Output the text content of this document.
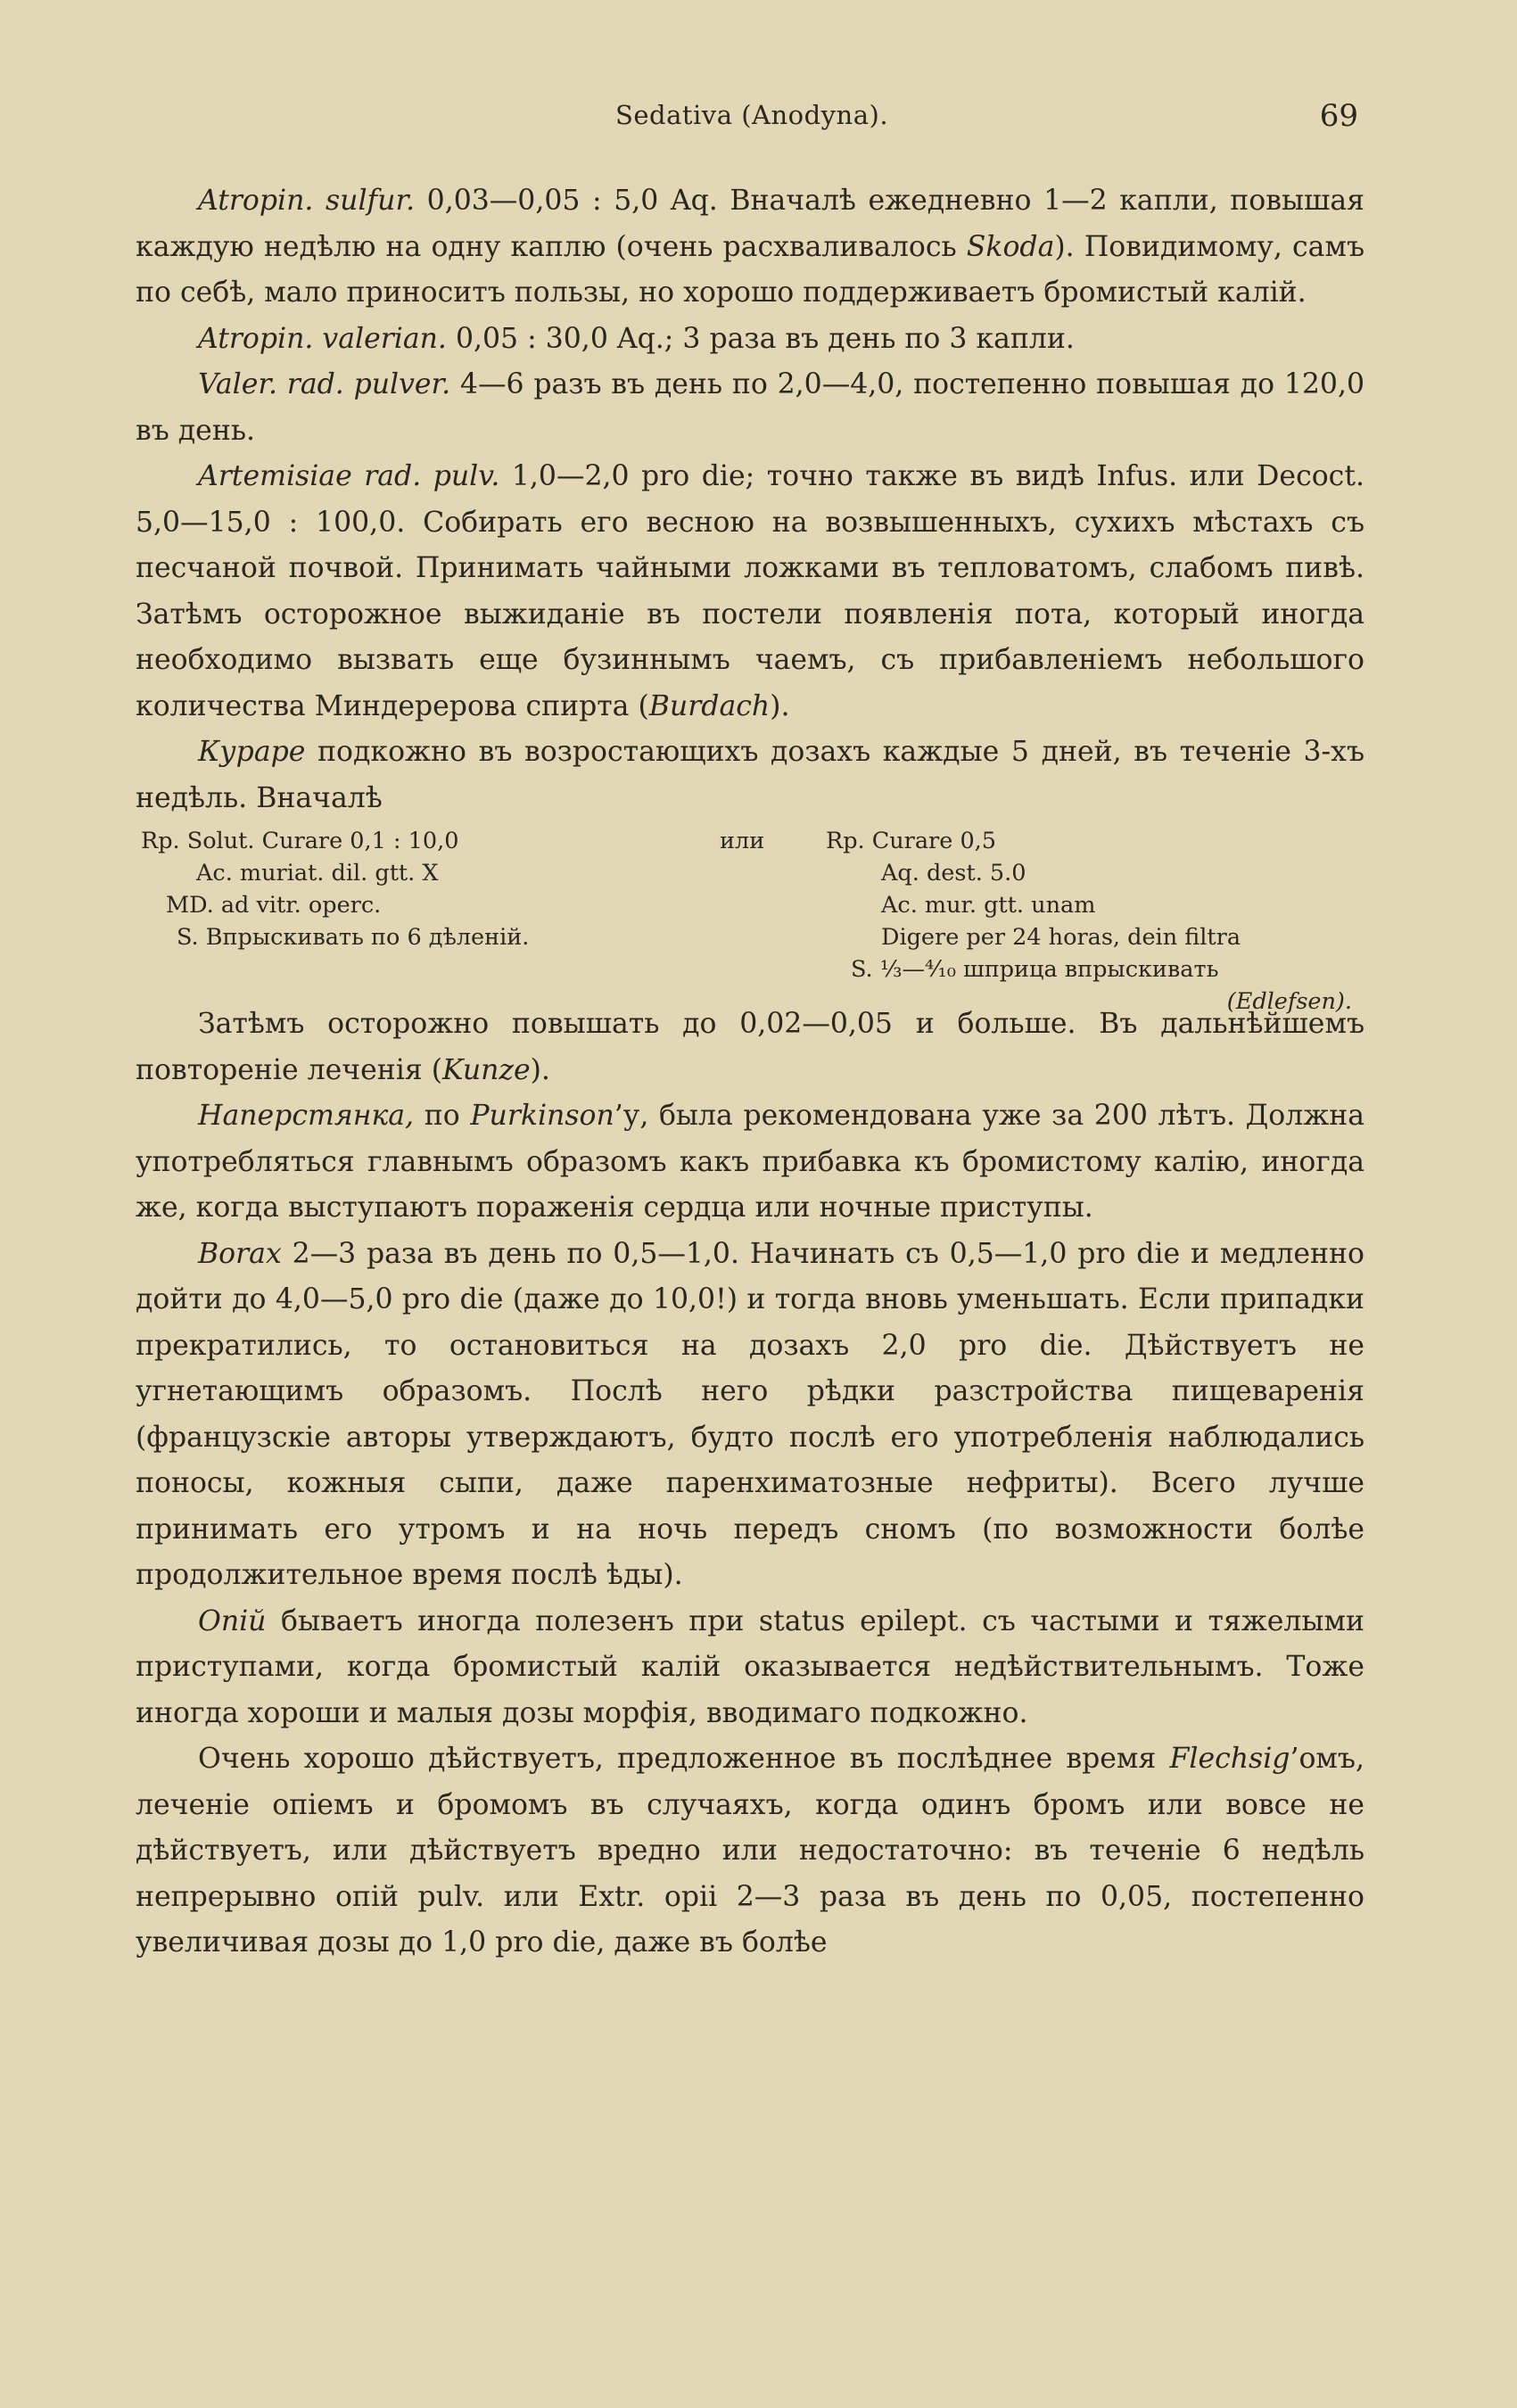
Sedativa (Anodyna).	69

Atropin. sulfur. 0,03—0,05 : 5,0 Aq. Вначалѣ ежедневно 1—2 капли, повышая каждую недѣлю на одну каплю (очень расхваливалось Skoda). Повидимому, самъ по себѣ, мало приноситъ пользы, но хорошо поддерживаетъ бромистый калій.

Atropin. valerian. 0,05 : 30,0 Aq.; 3 раза въ день по 3 капли.

Valer. rad. pulver. 4—6 разъ въ день по 2,0—4,0, постепенно повышая до 120,0 въ день.

Artemisiae rad. pulv. 1,0—2,0 pro die; точно также въ видѣ Infus. или Decoct. 5,0—15,0 : 100,0. Собирать его весною на возвышенныхъ, сухихъ мѣстахъ съ песчаной почвой. Принимать чайными ложками въ тепловатомъ, слабомъ пивѣ. Затѣмъ осторожное выжиданіе въ постели появленія пота, который иногда необходимо вызвать еще бузиннымъ чаемъ, съ прибавленіемъ небольшого количества Миндерерова спирта (Burdach).

Кураре подкожно въ возростающихъ дозахъ каждые 5 дней, въ теченіе 3-хъ недѣль. Вначалѣ

Rp. Solut. Curare 0,1 : 10,0
Ac. muriat. dil. gtt. X
MD. ad vitr. operc.
S. Впрыскивать по 6 дѣленій.
или	Rp. Curare 0,5
Aq. dest. 5.0
Ac. mur. gtt. unam
Digere per 24 horas, dein filtra
S. ⅓—⁴⁄₁₀ шприца впрыскивать
(Edlefsen).

Затѣмъ осторожно повышать до 0,02—0,05 и больше. Въ дальнѣйшемъ повтореніе леченія (Kunze).

Наперстянка, по Purkinson’у, была рекомендована уже за 200 лѣтъ. Должна употребляться главнымъ образомъ какъ прибавка къ бромистому калію, иногда же, когда выступаютъ пораженія сердца или ночные приступы.

Borax 2—3 раза въ день по 0,5—1,0. Начинать съ 0,5—1,0 pro die и медленно дойти до 4,0—5,0 pro die (даже до 10,0!) и тогда вновь уменьшать. Если припадки прекратились, то остановиться на дозахъ 2,0 pro die. Дѣйствуетъ не угнетающимъ образомъ. Послѣ него рѣдки разстройства пищеваренія (французскіе авторы утверждаютъ, будто послѣ его употребленія наблюдались поносы, кожныя сыпи, даже паренхиматозные нефриты). Всего лучше принимать его утромъ и на ночь передъ сномъ (по возможности болѣе продолжительное время послѣ ѣды).

Опій бываетъ иногда полезенъ при status epilept. съ частыми и тяжелыми приступами, когда бромистый калій оказывается недѣйствительнымъ. Тоже иногда хороши и малыя дозы морфія, вводимаго подкожно.

Очень хорошо дѣйствуетъ, предложенное въ послѣднее время Flechsig’омъ, леченіе опіемъ и бромомъ въ случаяхъ, когда одинъ бромъ или вовсе не дѣйствуетъ, или дѣйствуетъ вредно или недостаточно: въ теченіе 6 недѣль непрерывно опій pulv. или Extr. opii 2—3 раза въ день по 0,05, постепенно увеличивая дозы до 1,0 pro die, даже въ болѣе
